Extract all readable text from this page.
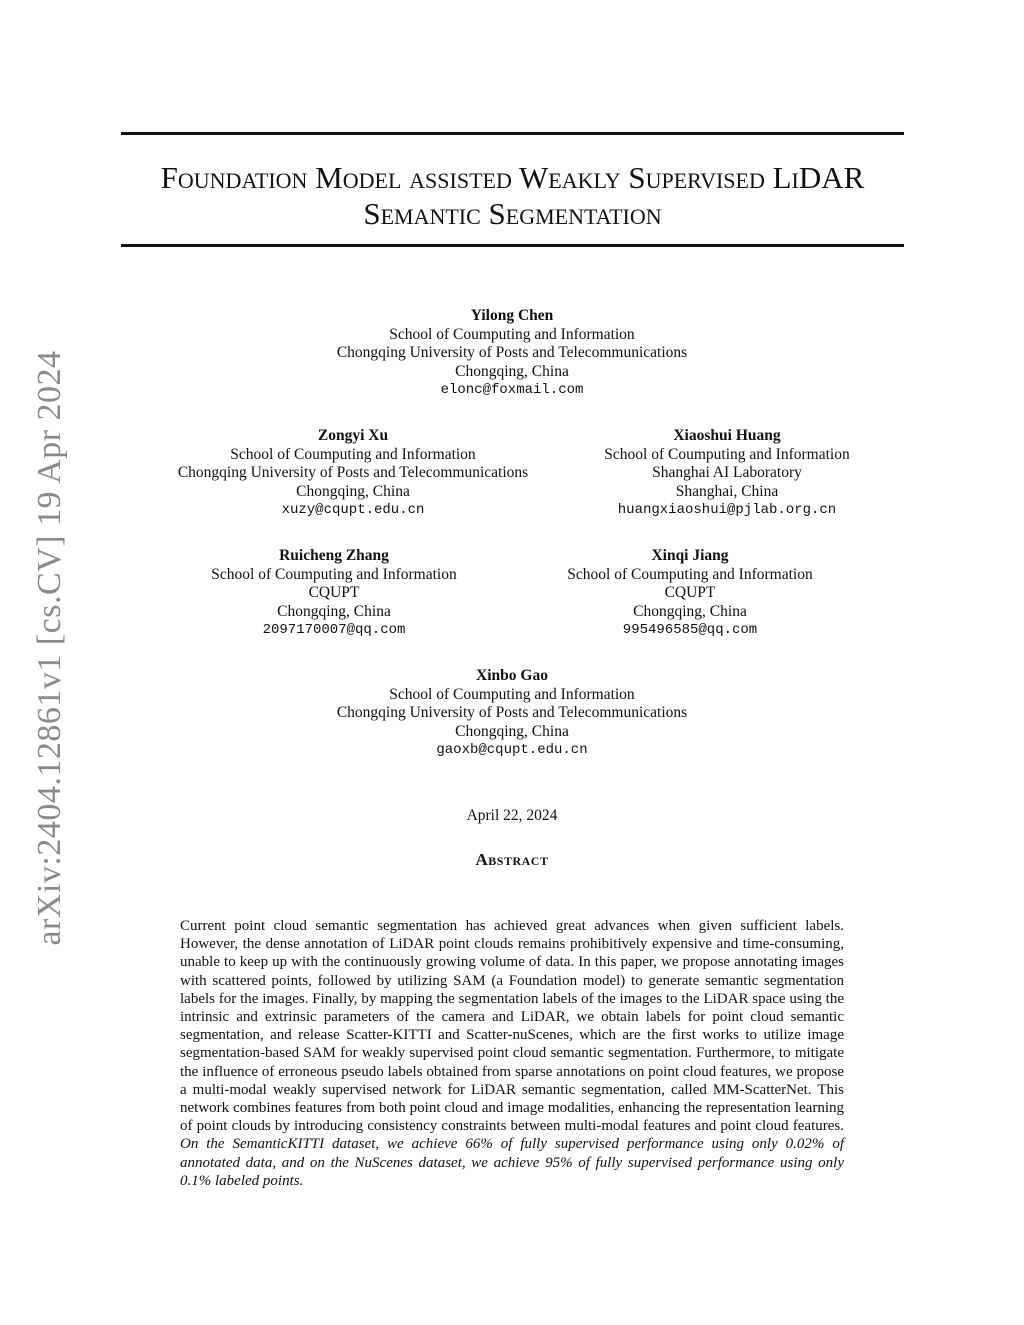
arXiv:2404.12861v1 [cs.CV] 19 Apr 2024
Foundation Model assisted Weakly Supervised LiDAR
Semantic Segmentation
Yilong Chen
School of Coumputing and Information
Chongqing University of Posts and Telecommunications
Chongqing, China
elonc@foxmail.com
Zongyi Xu
School of Coumputing and Information
Chongqing University of Posts and Telecommunications
Chongqing, China
xuzy@cqupt.edu.cn
Xiaoshui Huang
School of Coumputing and Information
Shanghai AI Laboratory
Shanghai, China
huangxiaoshui@pjlab.org.cn
Ruicheng Zhang
School of Coumputing and Information
CQUPT
Chongqing, China
2097170007@qq.com
Xinqi Jiang
School of Coumputing and Information
CQUPT
Chongqing, China
995496585@qq.com
Xinbo Gao
School of Coumputing and Information
Chongqing University of Posts and Telecommunications
Chongqing, China
gaoxb@cqupt.edu.cn
April 22, 2024
Abstract
Current point cloud semantic segmentation has achieved great advances when given sufficient labels. However, the dense annotation of LiDAR point clouds remains prohibitively expensive and time-consuming, unable to keep up with the continuously growing volume of data. In this paper, we propose annotating images with scattered points, followed by utilizing SAM (a Foundation model) to generate semantic segmentation labels for the images. Finally, by mapping the segmentation labels of the images to the LiDAR space using the intrinsic and extrinsic parameters of the camera and LiDAR, we obtain labels for point cloud semantic segmentation, and release Scatter-KITTI and Scatter-nuScenes, which are the first works to utilize image segmentation-based SAM for weakly supervised point cloud semantic segmentation. Furthermore, to mitigate the influence of erroneous pseudo labels obtained from sparse annotations on point cloud features, we propose a multi-modal weakly supervised network for LiDAR semantic segmentation, called MM-ScatterNet. This network combines features from both point cloud and image modalities, enhancing the representation learning of point clouds by introducing consistency constraints between multi-modal features and point cloud features. On the SemanticKITTI dataset, we achieve 66% of fully supervised performance using only 0.02% of annotated data, and on the NuScenes dataset, we achieve 95% of fully supervised performance using only 0.1% labeled points.
